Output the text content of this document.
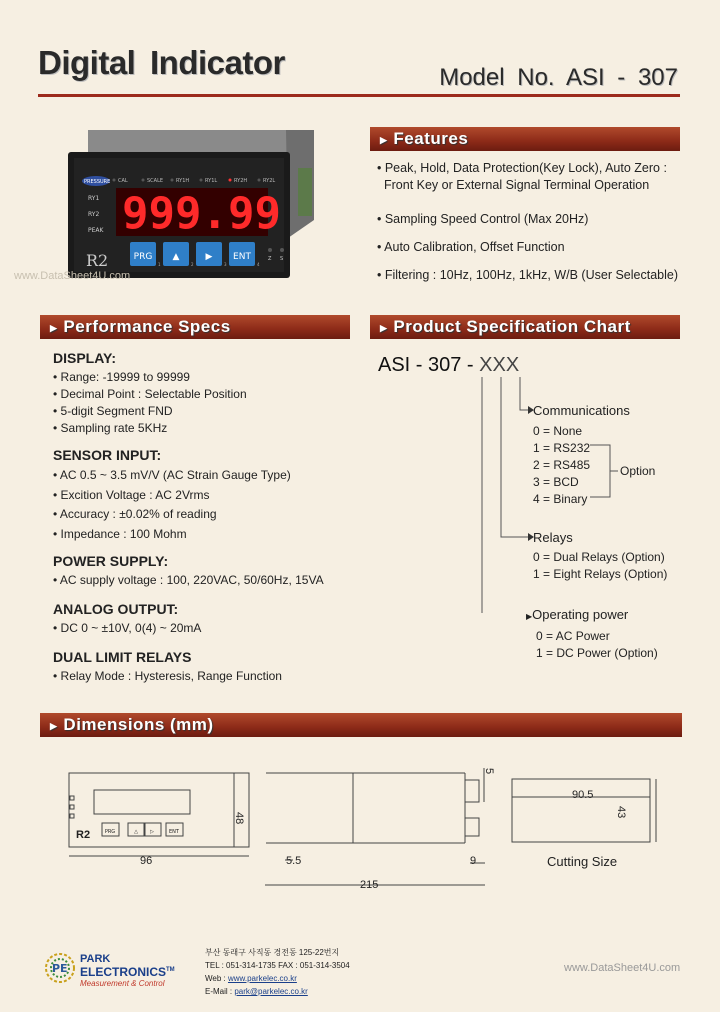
Digital Indicator	Model No. ASI - 307
PRESSURE CAL	SCALE	RY1H	RY1L	RY2H	RY2L
999.99
RY1
RY2
PEAK
R2	PRG
1
▲
2
▶
3
ENT
4
Z S
www.DataSheet4U.com
▶ Features
• Peak, Hold, Data Protection(Key Lock), Auto Zero :
Front Key or External Signal Terminal Operation
• Sampling Speed Control (Max 20Hz)
• Auto Calibration, Offset Function
• Filtering : 10Hz, 100Hz, 1kHz, W/B (User Selectable)
▶ Performance Specs
DISPLAY:
• Range: -19999 to 99999
• Decimal Point : Selectable Position
• 5-digit Segment FND
• Sampling rate 5KHz
SENSOR INPUT:
• AC 0.5 ~ 3.5 mV/V (AC Strain Gauge Type)
• Excition Voltage : AC 2Vrms
• Accuracy : ±0.02% of reading
• Impedance : 100 Mohm
POWER SUPPLY:
• AC supply voltage : 100, 220VAC, 50/60Hz, 15VA
ANALOG OUTPUT:
• DC 0 ~ ±10V, 0(4) ~ 20mA
DUAL LIMIT RELAYS
• Relay Mode : Hysteresis, Range Function
▶ Product Specification Chart
ASI - 307 - XXX
Communications
0 = None
1 = RS232
2 = RS485
3 = BCD
4 = Binary
Option
Relays
0 = Dual Relays (Option)
1 = Eight Relays (Option)
▶Operating power
0 = AC Power
1 = DC Power (Option)
▶ Dimensions (mm)
96
48
5
5.5	9
215
90.5
43
Cutting Size
R2	PRG	△ ▷	ENT
PE
PARK
ELECTRONICS™
Measurement & Control
부산 동래구 사직동 경전동 125-22번지
TEL : 051-314-1735 FAX : 051-314-3504
Web : www.parkelec.co.kr
E-Mail : park@parkelec.co.kr
www.DataSheet4U.com
